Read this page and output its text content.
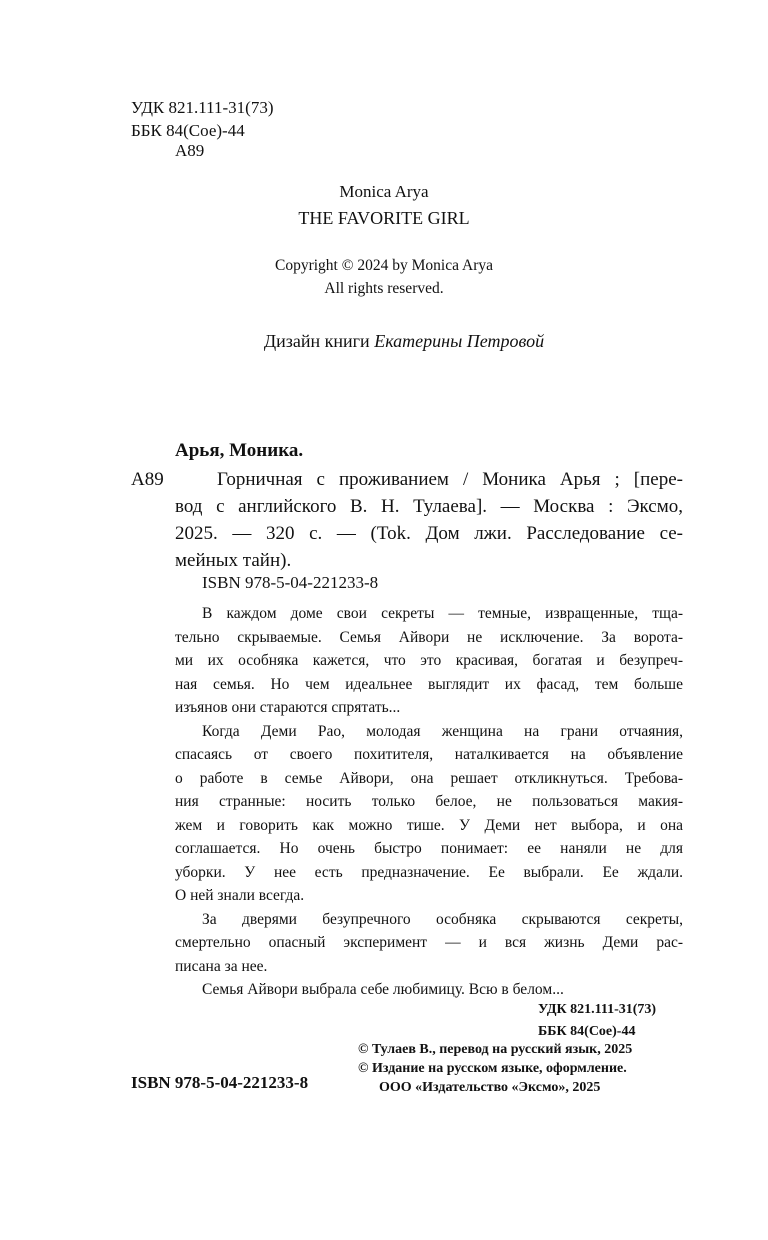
УДК 821.111-31(73)
ББК 84(Сое)-44
А89
Monica Arya
THE FAVORITE GIRL
Copyright © 2024 by Monica Arya
All rights reserved.
Дизайн книги Екатерины Петровой
Арья, Моника.
А89	Горничная с проживанием / Моника Арья ; [пере-
вод с английского В. Н. Тулаева]. — Москва : Эксмо,
2025. — 320 с. — (Tok. Дом лжи. Расследование се-
мейных тайн).
ISBN 978-5-04-221233-8
В каждом доме свои секреты — темные, извращенные, тща-
тельно скрываемые. Семья Айвори не исключение. За ворота-
ми их особняка кажется, что это красивая, богатая и безупреч-
ная семья. Но чем идеальнее выглядит их фасад, тем больше
изъянов они стараются спрятать...
Когда Деми Рао, молодая женщина на грани отчаяния,
спасаясь от своего похитителя, наталкивается на объявление
о работе в семье Айвори, она решает откликнуться. Требова-
ния странные: носить только белое, не пользоваться макия-
жем и говорить как можно тише. У Деми нет выбора, и она
соглашается. Но очень быстро понимает: ее наняли не для
уборки. У нее есть предназначение. Ее выбрали. Ее ждали.
О ней знали всегда.
За дверями безупречного особняка скрываются секреты,
смертельно опасный эксперимент — и вся жизнь Деми рас-
писана за нее.
Семья Айвори выбрала себе любимицу. Всю в белом...
УДК 821.111-31(73)
ББК 84(Сое)-44
ISBN 978-5-04-221233-8
© Тулаев В., перевод на русский язык, 2025
© Издание на русском языке, оформление.
ООО «Издательство «Эксмо», 2025
